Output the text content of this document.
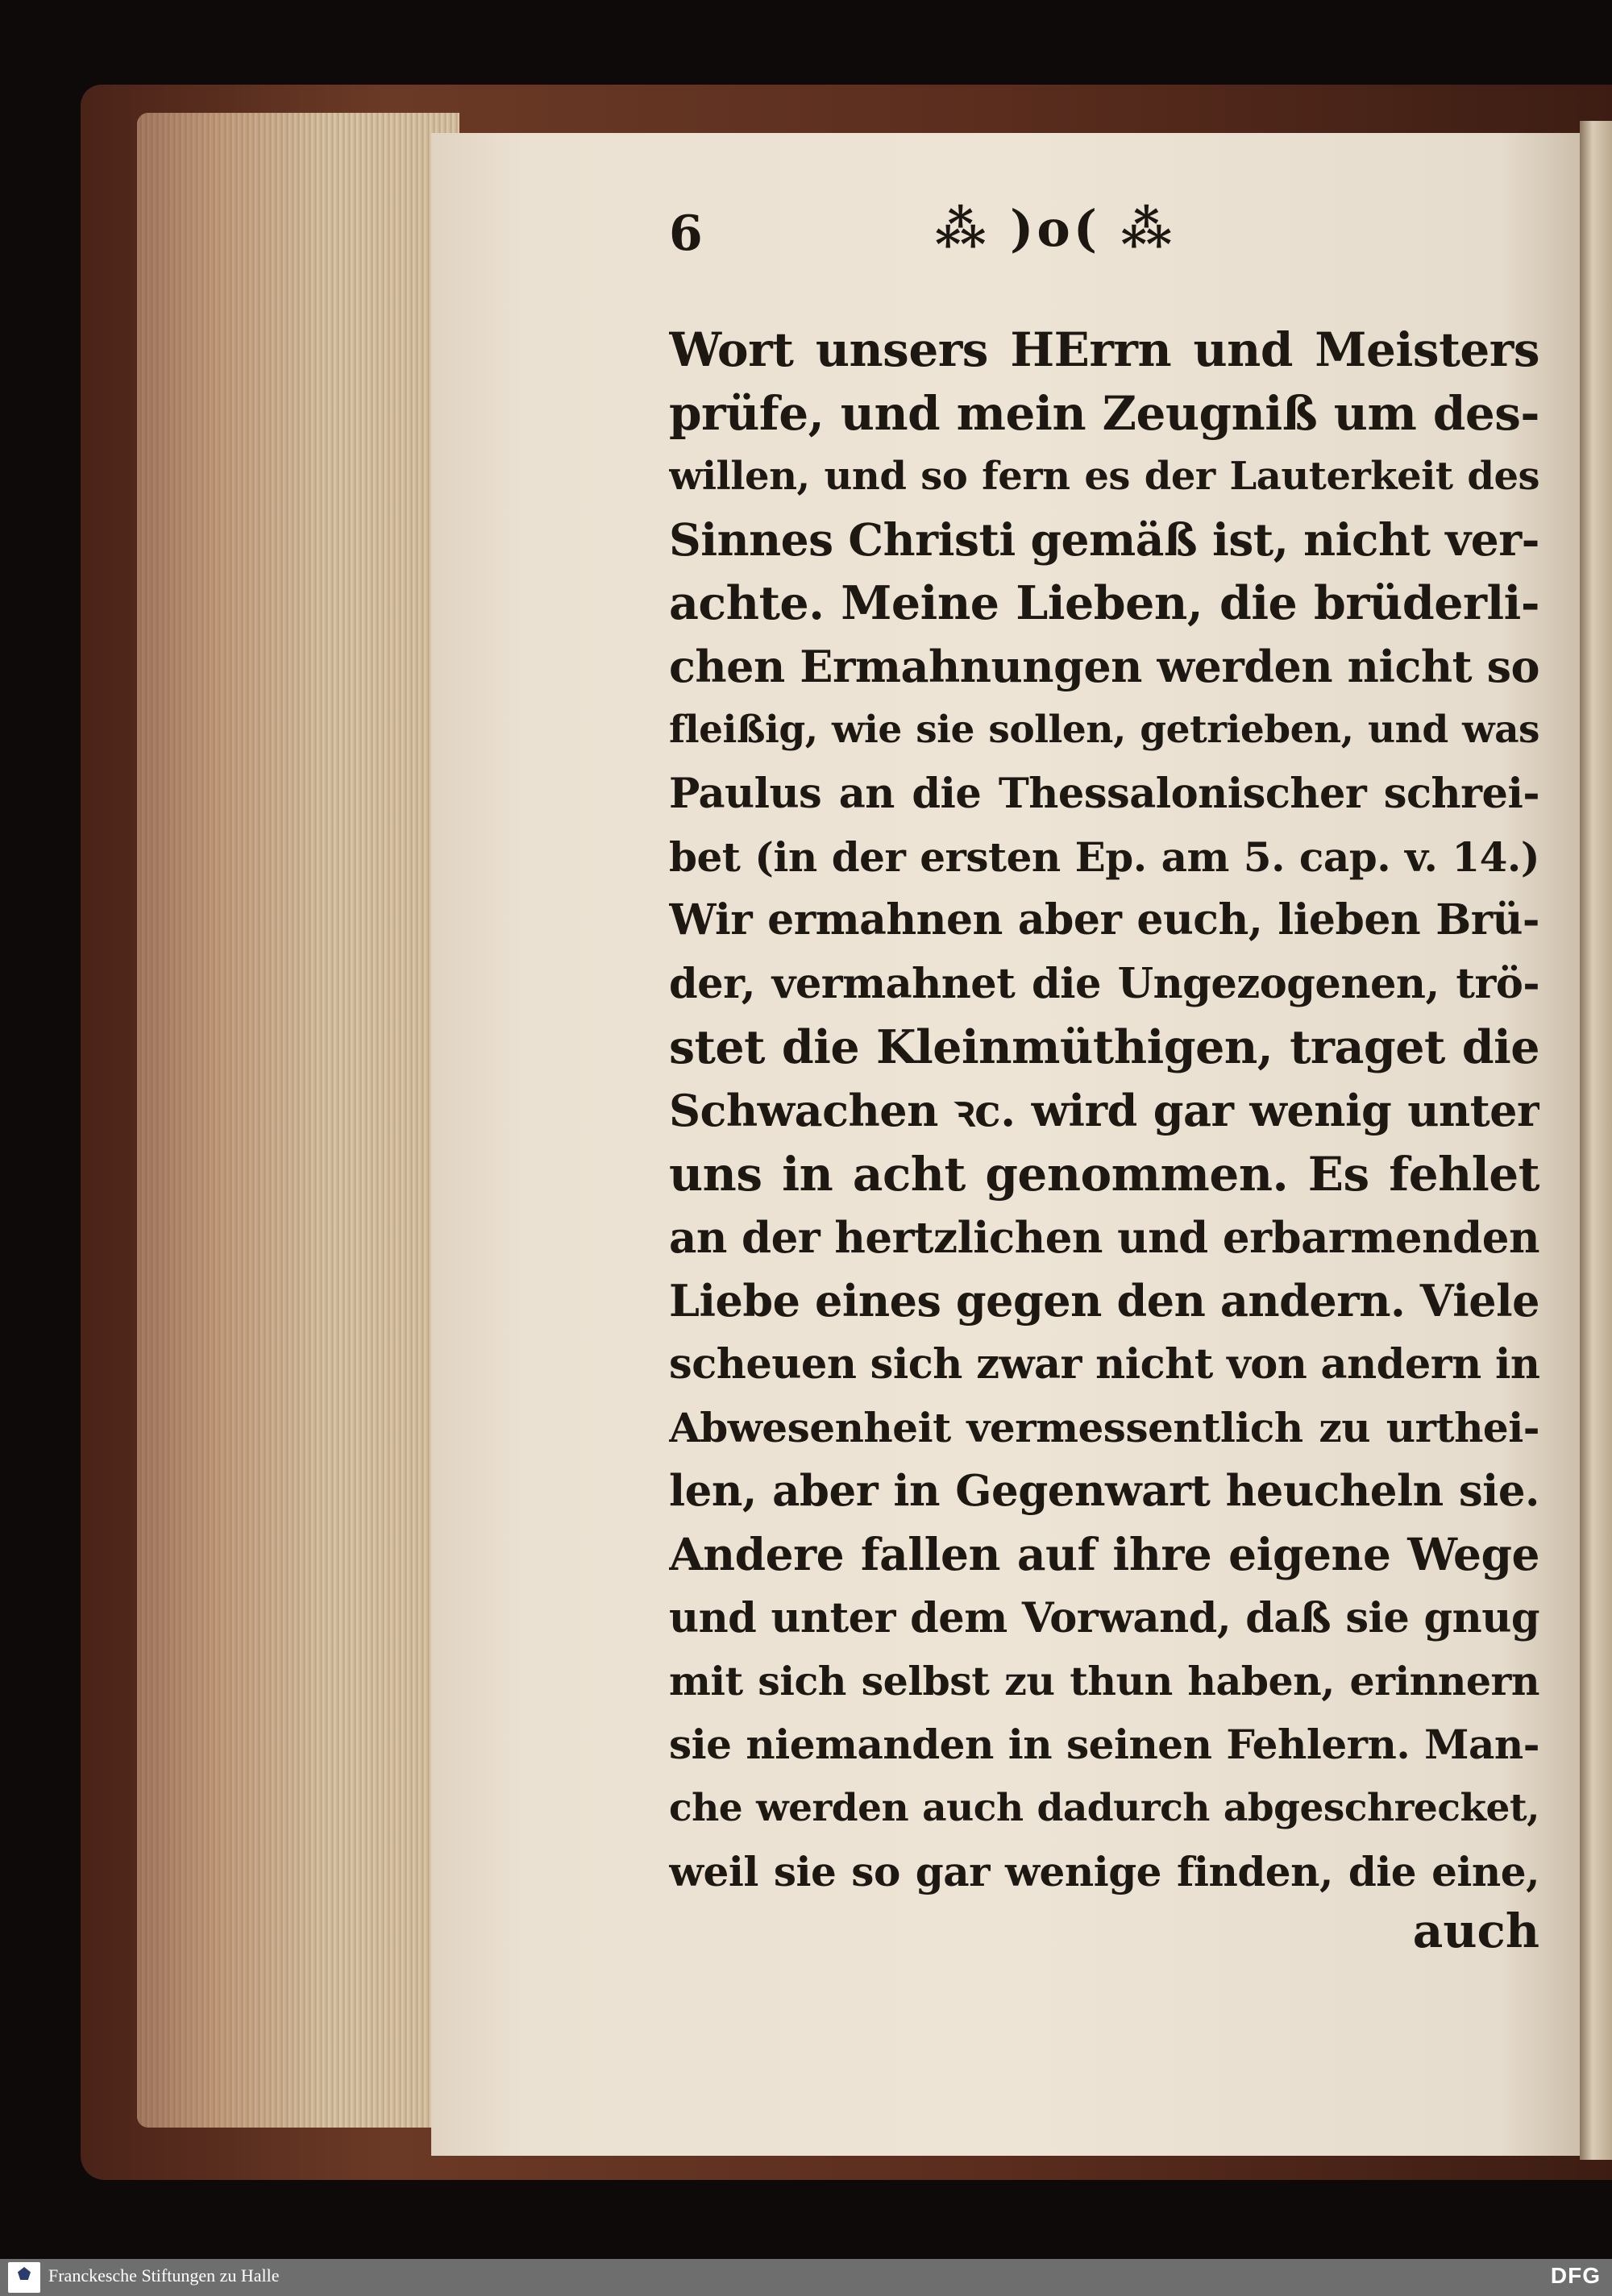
6	⁂ )o( ⁂
Wort unsers HErrn und Meisters
prüfe, und mein Zeugniß um des-
willen, und so fern es der Lauterkeit des
Sinnes Christi gemäß ist, nicht ver-
achte. Meine Lieben, die brüderli-
chen Ermahnungen werden nicht so
fleißig, wie sie sollen, getrieben, und was
Paulus an die Thessalonischer schrei-
bet (in der ersten Ep. am 5. cap. v. 14.)
Wir ermahnen aber euch, lieben Brü-
der, vermahnet die Ungezogenen, trö-
stet die Kleinmüthigen, traget die
Schwachen ꝛc. wird gar wenig unter
uns in acht genommen. Es fehlet
an der hertzlichen und erbarmenden
Liebe eines gegen den andern. Viele
scheuen sich zwar nicht von andern in
Abwesenheit vermessentlich zu urthei-
len, aber in Gegenwart heucheln sie.
Andere fallen auf ihre eigene Wege
und unter dem Vorwand, daß sie gnug
mit sich selbst zu thun haben, erinnern
sie niemanden in seinen Fehlern. Man-
che werden auch dadurch abgeschrecket,
weil sie so gar wenige finden, die eine,
auch
Franckesche Stiftungen zu Halle	DFG
